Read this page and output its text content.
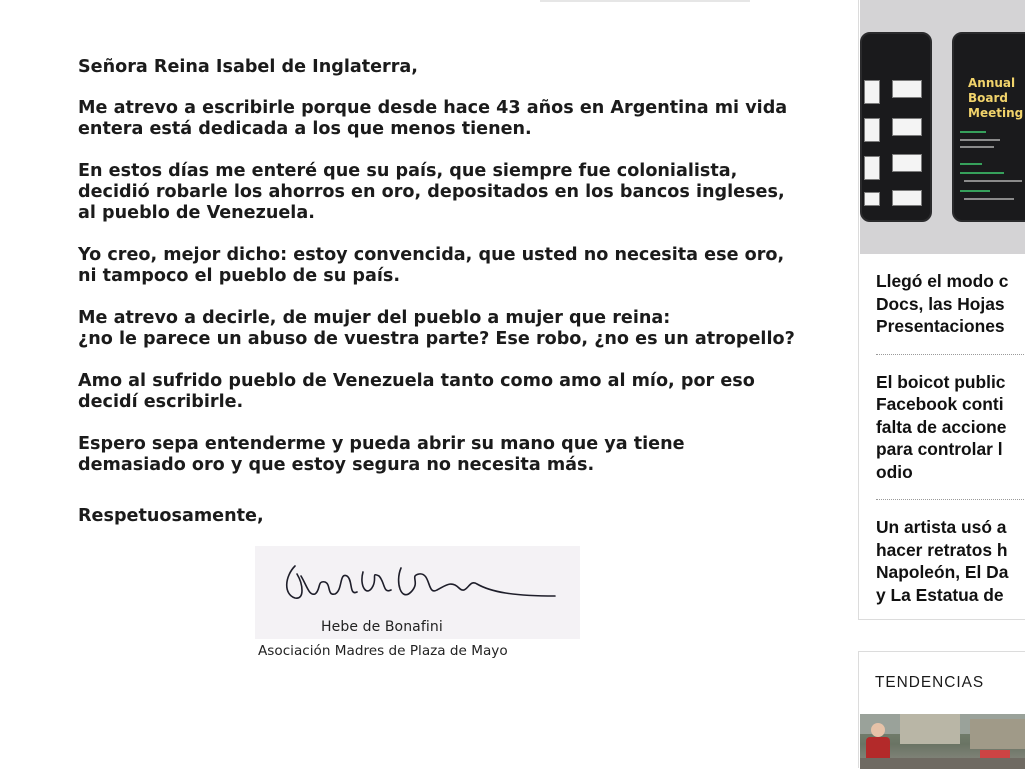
Señora Reina Isabel de Inglaterra,
Me atrevo a escribirle porque desde hace 43 años en Argentina mi vida
entera está dedicada a los que menos tienen.
En estos días me enteré que su país, que siempre fue colonialista,
decidió robarle los ahorros en oro, depositados en los bancos ingleses,
al pueblo de Venezuela.
Yo creo, mejor dicho: estoy convencida, que usted no necesita ese oro,
ni tampoco el pueblo de su país.
Me atrevo a decirle, de mujer del pueblo a mujer que reina:
¿no le parece un abuso de vuestra parte? Ese robo, ¿no es un atropello?
Amo al sufrido pueblo de Venezuela tanto como amo al mío, por eso
decidí escribirle.
Espero sepa entenderme y pueda abrir su mano que ya tiene
demasiado oro y que estoy segura no necesita más.
Respetuosamente,
Hebe de Bonafini
Asociación Madres de Plaza de Mayo
Annual Board
Meeting
Llegó el modo c
Docs, las Hojas
Presentaciones
El boicot public
Facebook conti
falta de accione
para controlar l
odio
Un artista usó a
hacer retratos h
Napoleón, El Da
y La Estatua de
TENDENCIAS
